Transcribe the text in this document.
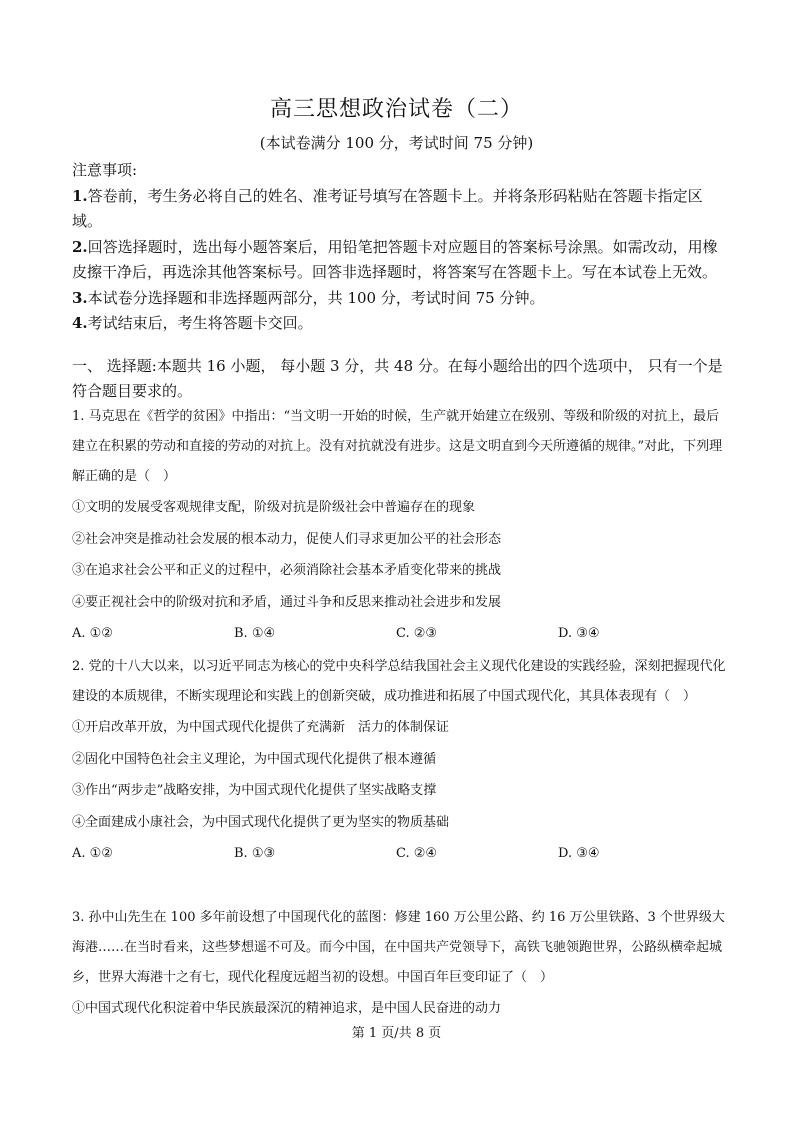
高三思想政治试卷（二）
(本试卷满分 100 分，考试时间 75 分钟)

注意事项:

1.答卷前，考生务必将自己的姓名、准考证号填写在答题卡上。并将条形码粘贴在答题卡指定区域。

2.回答选择题时，选出每小题答案后，用铅笔把答题卡对应题目的答案标号涂黑。如需改动，用橡皮擦干净后，再选涂其他答案标号。回答非选择题时，将答案写在答题卡上。写在本试卷上无效。

3.本试卷分选择题和非选择题两部分，共 100 分，考试时间 75 分钟。

4.考试结束后，考生将答题卡交回。

一、 选择题:本题共 16 小题， 每小题 3 分，共 48 分。在每小题给出的四个选项中， 只有一个是符合题目要求的。

1. 马克思在《哲学的贫困》中指出：“当文明一开始的时候，生产就开始建立在级别、等级和阶级的对抗上，最后建立在积累的劳动和直接的劳动的对抗上。没有对抗就没有进步。这是文明直到今天所遵循的规律。”对此，下列理解正确的是（　）

①文明的发展受客观规律支配，阶级对抗是阶级社会中普遍存在的现象

②社会冲突是推动社会发展的根本动力，促使人们寻求更加公平的社会形态

③在追求社会公平和正义的过程中，必须消除社会基本矛盾变化带来的挑战

④要正视社会中的阶级对抗和矛盾，通过斗争和反思来推动社会进步和发展

A. ①②	B. ①④	C. ②③	D. ③④

2. 党的十八大以来，以习近平同志为核心的党中央科学总结我国社会主义现代化建设的实践经验，深刻把握现代化建设的本质规律，不断实现理论和实践上的创新突破，成功推进和拓展了中国式现代化，其具体表现有（　）

①开启改革开放，为中国式现代化提供了充满新　活力的体制保证

②固化中国特色社会主义理论，为中国式现代化提供了根本遵循

③作出“两步走”战略安排，为中国式现代化提供了坚实战略支撑

④全面建成小康社会，为中国式现代化提供了更为坚实的物质基础

A. ①②	B. ①③	C. ②④	D. ③④

3. 孙中山先生在 100 多年前设想了中国现代化的蓝图：修建 160 万公里公路、约 16 万公里铁路、3 个世界级大海港……在当时看来，这些梦想遥不可及。而今中国，在中国共产党领导下，高铁飞驰领跑世界，公路纵横牵起城乡，世界大海港十之有七，现代化程度远超当初的设想。中国百年巨变印证了（　）

①中国式现代化积淀着中华民族最深沉的精神追求，是中国人民奋进的动力

第 1 页/共 8 页
